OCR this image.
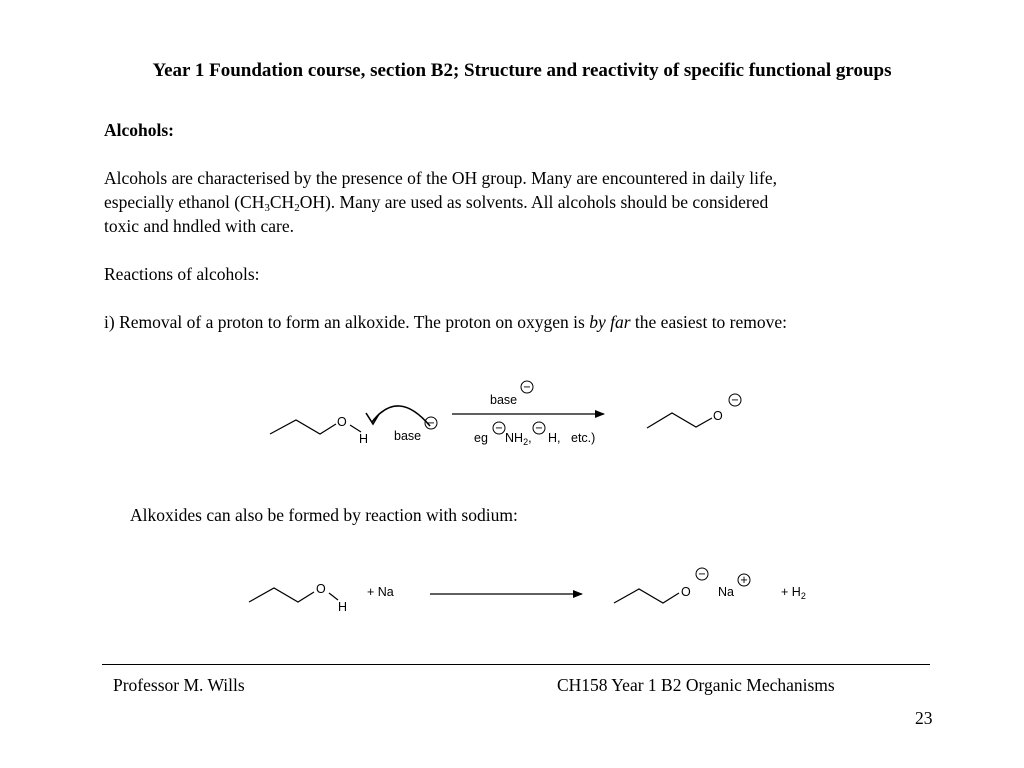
Year 1 Foundation course, section B2; Structure and reactivity of specific functional groups
Alcohols:
Alcohols are characterised by the presence of the OH group. Many are encountered in daily life,
especially ethanol $(CH_3CH_2OH)$. Many are used as solvents. All alcohols should be considered
toxic and hndled with care.
Reactions of alcohols:
i) Removal of a proton to form an alkoxide. The proton on oxygen is by far the easiest to remove:
Alkoxides can also be formed by reaction with sodium:
O
H base
−
−
base
eg
−
$NH_2$,
−
H, etc.)
O
−
O
H
+ Na	O
−
Na
+
+ $H_2$
Professor M. Wills	CH158 Year 1 B2 Organic Mechanisms
23
